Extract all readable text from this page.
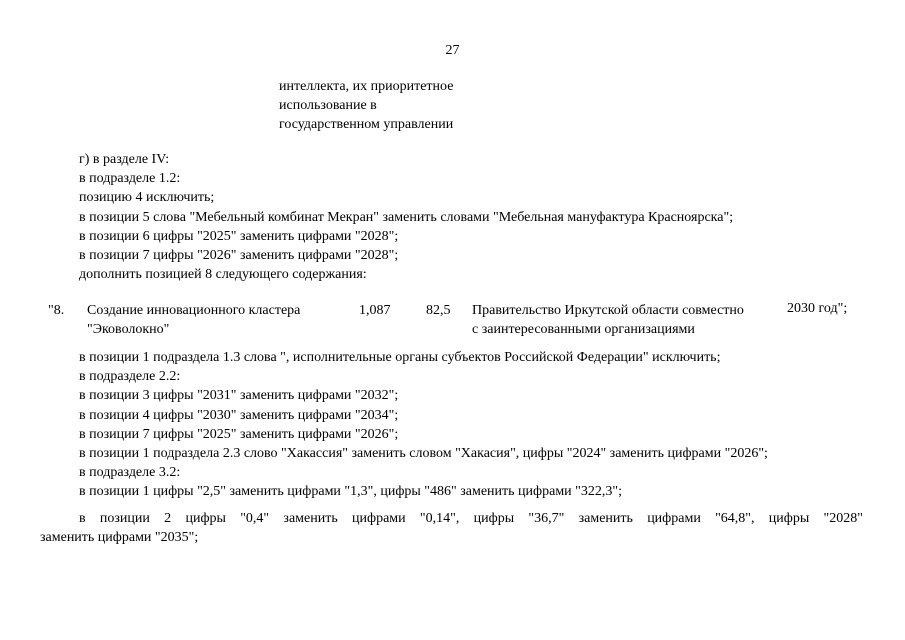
27
интеллекта, их приоритетное
использование в
государственном управлении
г) в разделе IV:
в подразделе 1.2:
позицию 4 исключить;
в позиции 5 слова "Мебельный комбинат Мекран" заменить словами "Мебельная мануфактура Красноярска";
в позиции 6 цифры "2025" заменить цифрами "2028";
в позиции 7 цифры "2026" заменить цифрами "2028";
дополнить позицией 8 следующего содержания:
"8. Создание инновационного кластера
"Эковолокно"
1,087	82,5 Правительство Иркутской области совместно
с заинтересованными организациями
2030 год";
в позиции 1 подраздела 1.3 слова ", исполнительные органы субъектов Российской Федерации" исключить;
в подразделе 2.2:
в позиции 3 цифры "2031" заменить цифрами "2032";
в позиции 4 цифры "2030" заменить цифрами "2034";
в позиции 7 цифры "2025" заменить цифрами "2026";
в позиции 1 подраздела 2.3 слово "Хакассия" заменить словом "Хакасия", цифры "2024" заменить цифрами "2026";
в подразделе 3.2:
в позиции 1 цифры "2,5" заменить цифрами "1,3", цифры "486" заменить цифрами "322,3";
в позиции 2 цифры "0,4" заменить цифрами "0,14", цифры "36,7" заменить цифрами "64,8", цифры "2028"
заменить цифрами "2035";
